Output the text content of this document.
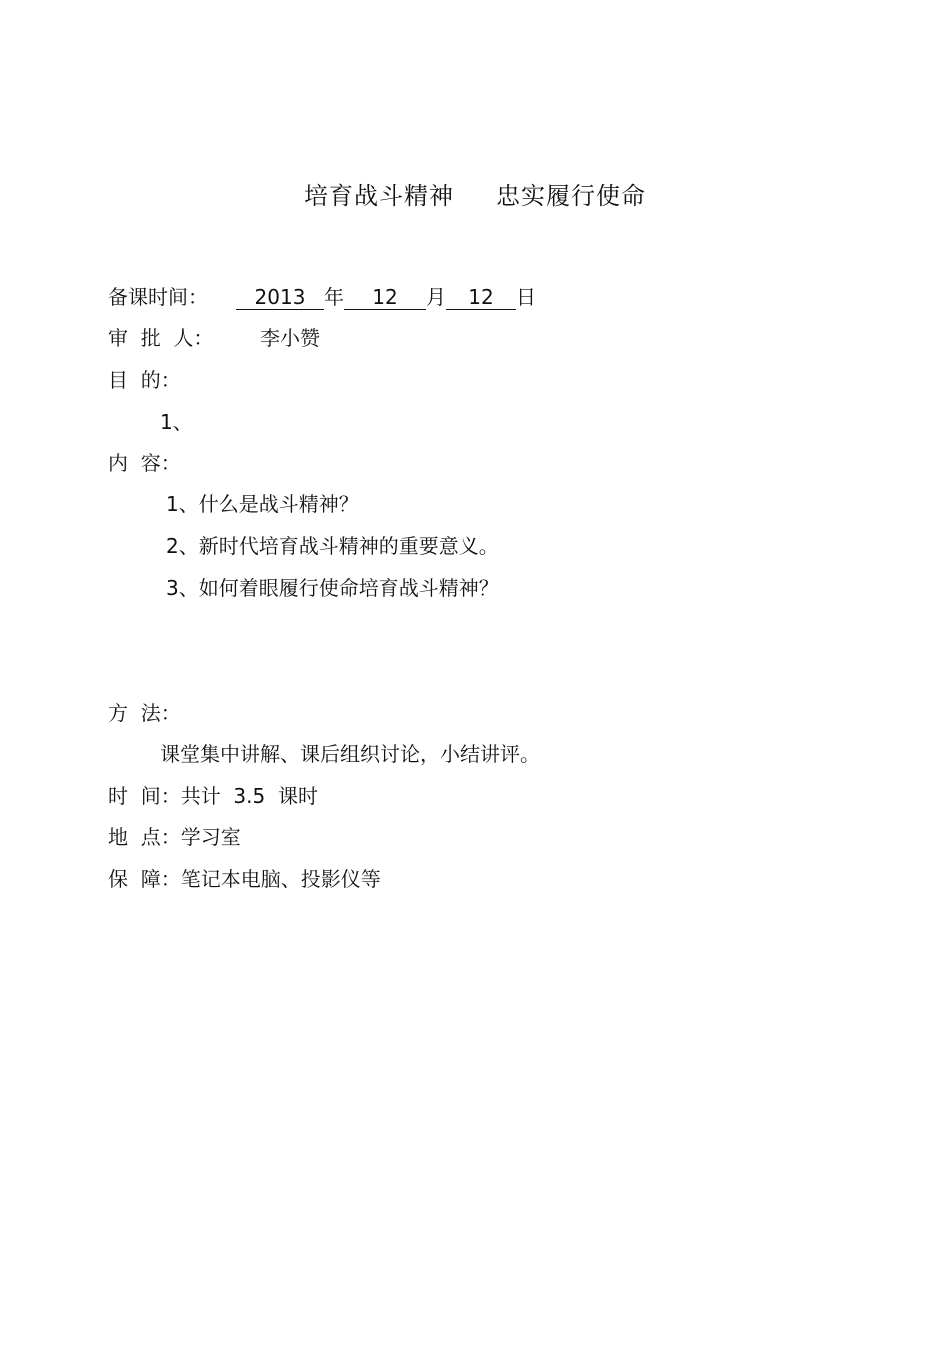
培育战斗精神 忠实履行使命
备课时间： 2013 年 12 月 12 日
审  批  人： 李小赞
目  的：
1、
内  容：
1、什么是战斗精神？
2、新时代培育战斗精神的重要意义。
3、如何着眼履行使命培育战斗精神？
方  法：
课堂集中讲解、课后组织讨论，小结讲评。
时  间：共计  3.5  课时
地  点：学习室
保  障：笔记本电脑、投影仪等
